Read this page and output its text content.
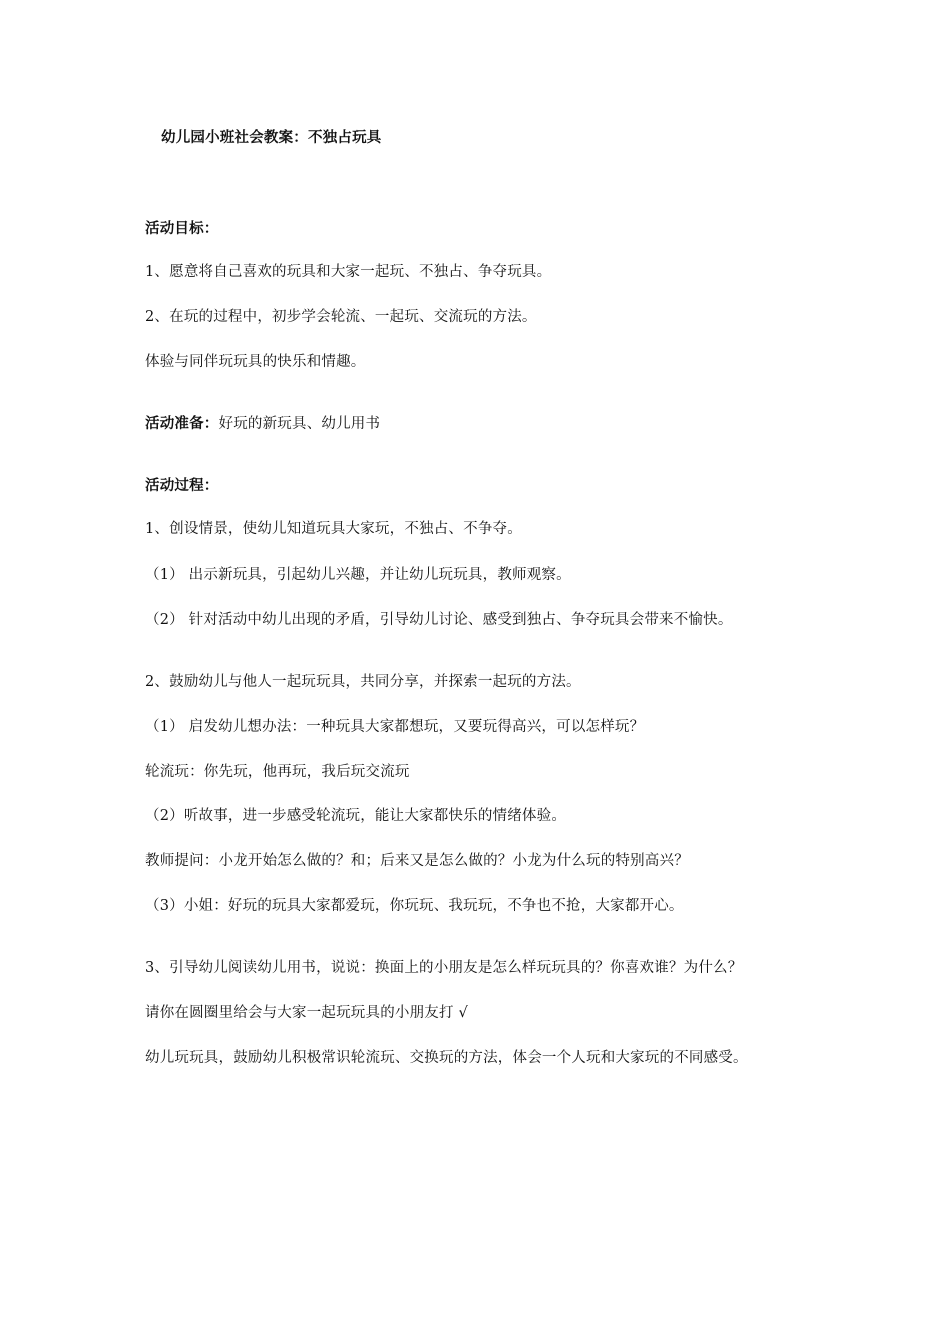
幼儿园小班社会教案：不独占玩具
活动目标：
1、愿意将自己喜欢的玩具和大家一起玩、不独占、争夺玩具。
2、在玩的过程中，初步学会轮流、一起玩、交流玩的方法。
体验与同伴玩玩具的快乐和情趣。
活动准备：好玩的新玩具、幼儿用书
活动过程：
1、创设情景，使幼儿知道玩具大家玩，不独占、不争夺。
（1） 出示新玩具，引起幼儿兴趣，并让幼儿玩玩具，教师观察。
（2） 针对活动中幼儿出现的矛盾，引导幼儿讨论、感受到独占、争夺玩具会带来不愉快。
2、鼓励幼儿与他人一起玩玩具，共同分享，并探索一起玩的方法。
（1） 启发幼儿想办法：一种玩具大家都想玩，又要玩得高兴，可以怎样玩？
轮流玩：你先玩，他再玩，我后玩交流玩
（2）听故事，进一步感受轮流玩，能让大家都快乐的情绪体验。
教师提问：小龙开始怎么做的？和；后来又是怎么做的？小龙为什么玩的特别高兴？
（3）小姐：好玩的玩具大家都爱玩，你玩玩、我玩玩，不争也不抢，大家都开心。
3、引导幼儿阅读幼儿用书，说说：换面上的小朋友是怎么样玩玩具的？你喜欢谁？为什么？
请你在圆圈里给会与大家一起玩玩具的小朋友打 √
幼儿玩玩具，鼓励幼儿积极常识轮流玩、交换玩的方法，体会一个人玩和大家玩的不同感受。
